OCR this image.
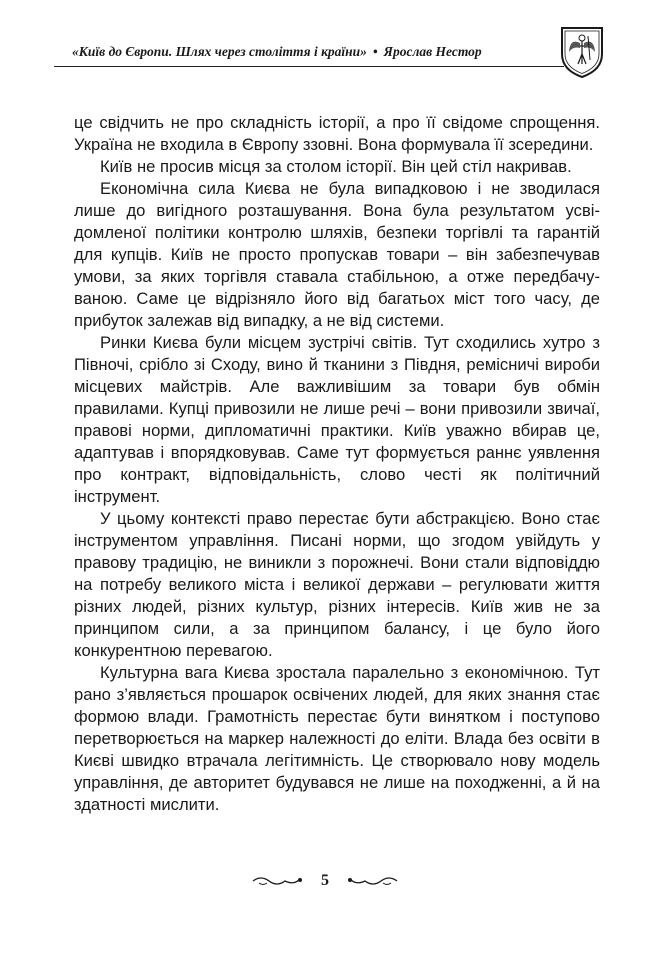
«Київ до Європи. Шлях через століття і країни» • Ярослав Нестор

це свідчить не про складність історії, а про її свідоме спрощення. Україна не входила в Європу ззовні. Вона формувала її зсередини.

Київ не просив місця за столом історії. Він цей стіл накривав.

Економічна сила Києва не була випадковою і не зводилася лише до вигідного розташування. Вона була результатом усвідомленої політики контролю шляхів, безпеки торгівлі та гарантій для купців. Київ не просто пропускав товари – він забезпечував умови, за яких торгівля ставала стабільною, а отже передбачуваною. Саме це відрізняло його від багатьох міст того часу, де прибуток залежав від випадку, а не від системи.

Ринки Києва були місцем зустрічі світів. Тут сходились хутро з Півночі, срібло зі Сходу, вино й тканини з Півдня, ремісничі вироби місцевих майстрів. Але важливішим за товари був обмін правилами. Купці привозили не лише речі – вони привозили звичаї, правові норми, дипломатичні практики. Київ уважно вбирав це, адаптував і впорядковував. Саме тут формується раннє уявлення про контракт, відповідальність, слово честі як політичний інструмент.

У цьому контексті право перестає бути абстракцією. Воно стає інструментом управління. Писані норми, що згодом увійдуть у правову традицію, не виникли з порожнечі. Вони стали відповіддю на потребу великого міста і великої держави – регулювати життя різних людей, різних культур, різних інтересів. Київ жив не за принципом сили, а за принципом балансу, і це було його конкурентною перевагою.

Культурна вага Києва зростала паралельно з економічною. Тут рано з’являється прошарок освічених людей, для яких знання стає формою влади. Грамотність перестає бути винятком і поступово перетворюється на маркер належності до еліти. Влада без освіти в Києві швидко втрачала легітимність. Це створювало нову модель управління, де авторитет будувався не лише на походженні, а й на здатності мислити.

5
